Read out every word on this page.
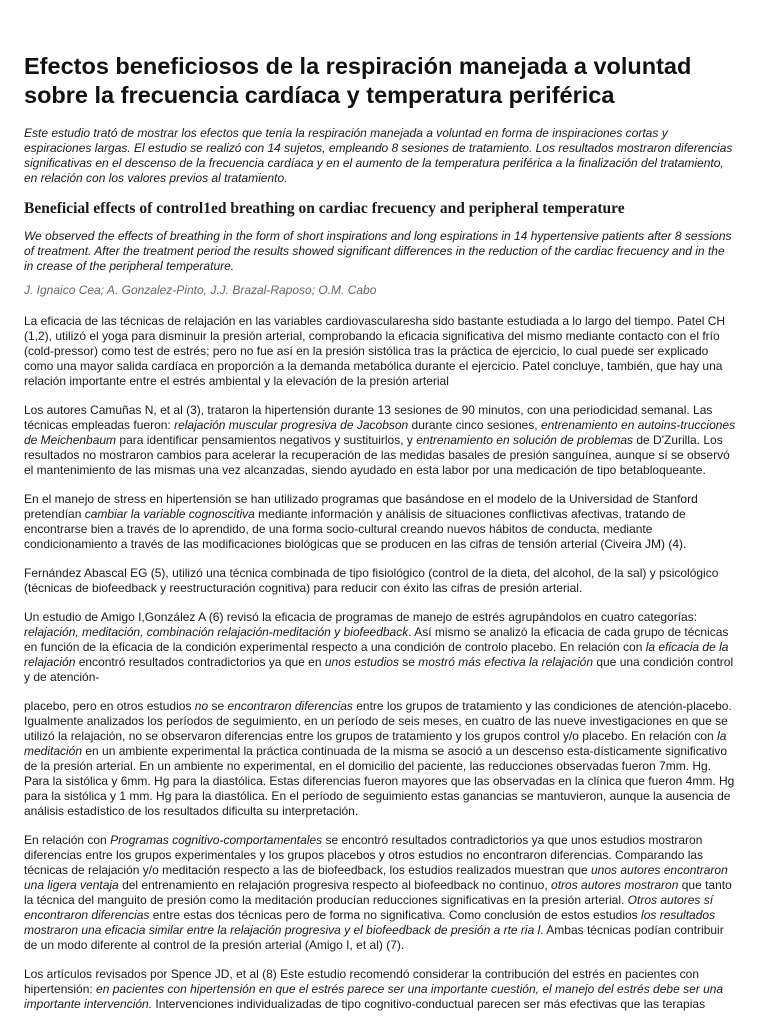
Efectos beneficiosos de la respiración manejada a voluntad sobre la frecuencia cardíaca y temperatura periférica

Este estudio trató de mostrar los efectos que tenía la respiración manejada a voluntad en forma de inspiraciones cortas y espiraciones largas. El estudio se realizó con 14 sujetos, empleando 8 sesiones de tratamiento. Los resultados mostraron diferencias significativas en el descenso de la frecuencia cardíaca y en el aumento de la temperatura periférica a la finalización del tratamiento, en relación con los valores previos al tratamiento.

Beneficial effects of control1ed breathing on cardiac frecuency and peripheral temperature

We observed the effects of breathing in the form of short inspirations and long espirations in 14 hypertensive patients after 8 sessions of treatment. After the treatment period the results showed significant differences in the reduction of the cardiac frecuency and in the in crease of the peripheral temperature.

J. Ignaico Cea; A. Gonzalez-Pinto, J.J. Brazal-Raposo; O.M. Cabo

La eficacia de las técnicas de relajación en las variables cardiovascularesha sido bastante estudiada a lo largo del tiempo. Patel CH (1,2), utilizó el yoga para disminuir la presión arterial, comprobando la eficacia significativa del mismo mediante contacto con el frío (cold-pressor) como test de estrés; pero no fue así en la presión sistólica tras la práctica de ejercicio, lo cual puede ser explicado como una mayor salida cardíaca en proporción a la demanda metabólica durante el ejercicio. Patel concluye, también, que hay una relación importante entre el estrés ambiental y la elevación de la presión arterial

Los autores Camuñas N, et al (3), trataron la hipertensión durante 13 sesiones de 90 minutos, con una periodicidad semanal. Las técnicas empleadas fueron: relajación muscular progresiva de Jacobson durante cinco sesiones, entrenamiento en autoins-trucciones de Meichenbaum para identificar pensamientos negativos y sustituirlos, y entrenamiento en solución de problemas de D'Zurilla. Los resultados no mostraron cambios para acelerar la recuperación de las medidas basales de presión sanguínea, aunque sí se observó el mantenimiento de las mismas una vez alcanzadas, siendo ayudado en esta labor por una medicación de tipo betabloqueante.

En el manejo de stress en hipertensión se han utilizado programas que basándose en el modelo de la Universidad de Stanford pretendían cambiar la variable cognoscitiva mediante información y análisis de situaciones conflictivas afectivas, tratando de encontrarse bien a través de lo aprendido, de una forma socio-cultural creando nuevos hábitos de conducta, mediante condicionamiento a través de las modificaciones biológicas que se producen en las cifras de tensión arterial (Civeira JM) (4).

Fernández Abascal EG (5), utilizó una técnica combinada de tipo fisiológico (control de la dieta, del alcohol, de la sal) y psicológico (técnicas de biofeedback y reestructuración cognitiva) para reducir con éxito las cifras de presión arterial.

Un estudio de Amigo I,González A (6) revisó la eficacia de programas de manejo de estrés agrupándolos en cuatro categorías: relajación, meditación, combinación relajación-meditación y biofeedback. Así mismo se analizó la eficacia de cada grupo de técnicas en función de la eficacia de la condición experimental respecto a una condición de controlo placebo. En relación con la eficacia de la relajación encontró resultados contradictorios ya que en unos estudios se mostró más efectiva la relajación que una condición control y de atención-

placebo, pero en otros estudios no se encontraron diferencias entre los grupos de tratamiento y las condiciones de atención-placebo. Igualmente analizados los períodos de seguimiento, en un período de seis meses, en cuatro de las nueve investigaciones en que se utilizó la relajación, no se observaron diferencias entre los grupos de tratamiento y los grupos control y/o placebo. En relación con la meditación en un ambiente experimental la práctica continuada de la misma se asoció a un descenso esta-dísticamente significativo de la presión arterial. En un ambiente no experimental, en el domicilio del paciente, las reducciones observadas fueron 7mm. Hg. Para la sistólica y 6mm. Hg para la diastólica. Estas diferencias fueron mayores que las observadas en la clínica que fueron 4mm. Hg para la sistólica y 1 mm. Hg para la diastólica. En el período de seguimiento estas ganancias se mantuvieron, aunque la ausencia de análisis estadístico de los resultados dificulta su interpretación.

En relación con Programas cognitivo-comportamentales se encontró resultados contradictorios ya que unos estudios mostraron diferencias entre los grupos experimentales y los grupos placebos y otros estudios no encontraron diferencias. Comparando las técnicas de relajación y/o meditación respecto a las de biofeedback, los estudios realizados muestran que unos autores encontraron una ligera ventaja del entrenamiento en relajación progresiva respecto al biofeedback no continuo, otros autores mostraron que tanto la técnica del manguito de presión como la meditación producían reducciones significativas en la presión arterial. Otros autores sí encontraron diferencias entre estas dos técnicas pero de forma no significativa. Como conclusión de estos estudios los resultados mostraron una eficacia similar entre la relajación progresiva y el biofeedback de presión a rte ria l. Ambas técnicas podían contribuir de un modo diferente al control de la presión arterial (Amigo I, et al) (7).

Los artículos revisados por Spence JD, et al (8) Este estudio recomendó considerar la contribución del estrés en pacientes con hipertensión: en pacientes con hipertensión en que el estrés parece ser una importante cuestión, el manejo del estrés debe ser una importante intervención. Intervenciones individualizadas de tipo cognitivo-conductual parecen ser más efectivas que las terapias
